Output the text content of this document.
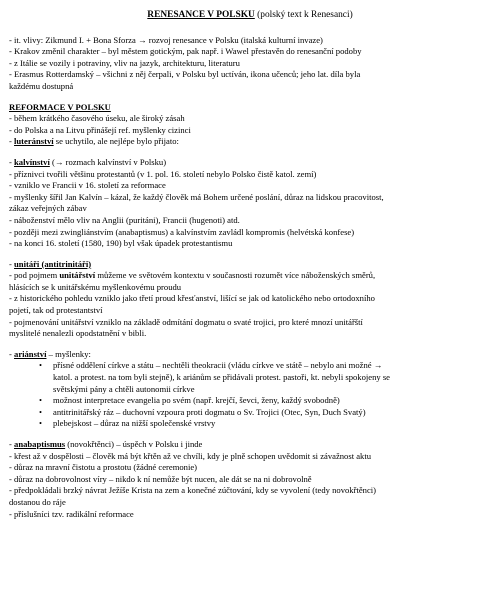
RENESANCE V POLSKU (polský text k Renesanci)
- it. vlivy: Zikmund I. + Bona Sforza → rozvoj renesance v Polsku (italská kulturní invaze)
- Krakov změnil charakter – byl městem gotickým, pak např. i Wawel přestavěn do renesanční podoby
- z Itálie se vozily i potraviny, vliv na jazyk, architekturu, literaturu
- Erasmus Rotterdamský – všichni z něj čerpali, v Polsku byl uctíván, ikona učenců; jeho lat. díla byla
každému dostupná
REFORMACE V POLSKU
- během krátkého časového úseku, ale široký zásah
- do Polska a na Litvu přinášejí ref. myšlenky cizinci
- luteránství se uchytilo, ale nejlépe bylo přijato:
- kalvínství (→ rozmach kalvínství v Polsku)
- příznivci tvořili většinu protestantů (v 1. pol. 16. století nebylo Polsko čistě katol. zemí)
- vzniklo ve Francii v 16. století za reformace
- myšlenky šířil Jan Kalvín – kázal, že každý člověk má Bohem určené poslání, důraz na lidskou pracovitost,
zákaz veřejných zábav
- náboženství mělo vliv na Anglii (puritáni), Francii (hugenoti) atd.
- později mezi zwingliánstvím (anabaptismus) a kalvínstvím zavládl kompromis (helvétská konfese)
- na konci 16. století (1580, 190) byl však úpadek protestantismu
- unitáři (antitrinitáři)
- pod pojmem unitářství můžeme ve světovém kontextu v současnosti rozumět více náboženských směrů,
hlásících se k unitářskému myšlenkovému proudu
- z historického pohledu vzniklo jako třetí proud křesťanství, lišící se jak od katolického nebo ortodoxního
pojetí, tak od protestantství
- pojmenování unitářství vzniklo na základě odmítání dogmatu o svaté trojici, pro které mnozí unitářští
myslitelé nenalezli opodstatnění v bibli.
- ariánství – myšlenky:
• přísné oddělení církve a státu – nechtěli theokracii (vládu církve ve státě – nebylo ani možné →
katol. a protest. na tom byli stejně), k ariánům se přidávali protest. pastoři, kt. nebyli spokojeny se
světskými pány a chtěli autonomii církve
• možnost interpretace evangelia po svém (např. krejčí, ševci, ženy, každý svobodně)
• antitrinitářský ráz – duchovní vzpoura proti dogmatu o Sv. Trojici (Otec, Syn, Duch Svatý)
• plebejskost – důraz na nižší společenské vrstvy
- anabaptismus (novokřtěnci) – úspěch v Polsku i jinde
- křest až v dospělosti – člověk má být křtěn až ve chvíli, kdy je plně schopen uvědomit si závažnost aktu
- důraz na mravní čistotu a prostotu (žádné ceremonie)
- důraz na dobrovolnost víry – nikdo k ní nemůže být nucen, ale dát se na ni dobrovolně
- předpokládali brzký návrat Ježíše Krista na zem a konečné zúčtování, kdy se vyvolení (tedy novokřtěnci)
dostanou do ráje
- příslušníci tzv. radikální reformace
